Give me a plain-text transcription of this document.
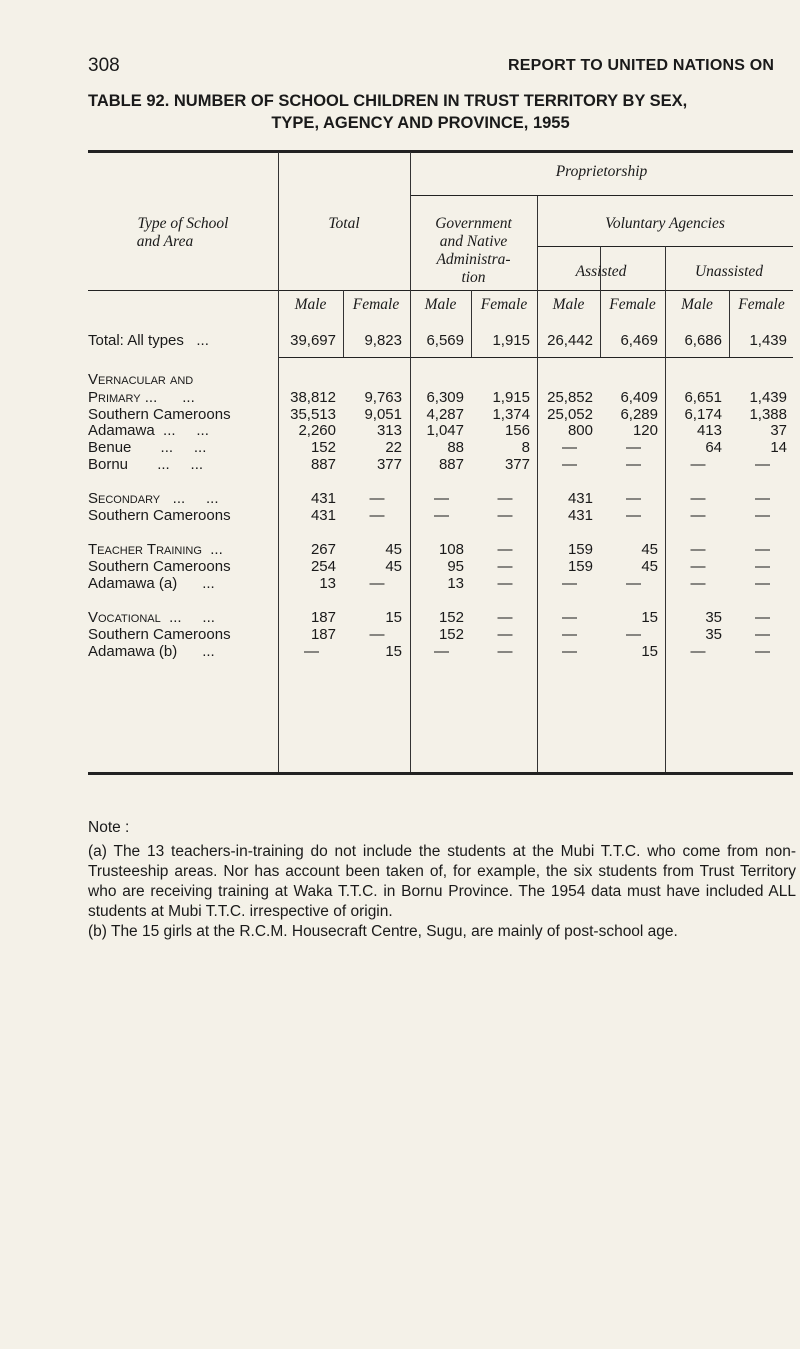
308	REPORT TO UNITED NATIONS ON
TABLE 92. NUMBER OF SCHOOL CHILDREN IN TRUST TERRITORY BY SEX,
TYPE, AGENCY AND PROVINCE, 1955
Proprietorship
Type of School
and Area
Total	Government
and Native
Administra-
tion
Voluntary Agencies
Assisted	Unassisted
Male	Female	Male	Female	Male	Female	Male	Female
Total: All types   ...	39,697	9,823	6,569	1,915	26,442	6,469	6,686	1,439
Vernacular and
Primary ...      ...	38,812	9,763	6,309	1,915	25,852	6,409	6,651	1,439
Southern Cameroons	35,513	9,051	4,287	1,374	25,052	6,289	6,174	1,388
Adamawa  ...     ...	2,260	313	1,047	156	800	120	413	37
Benue       ...     ...	152	22	88	8	—	—	64	14
Bornu       ...     ...	887	377	887	377	—	—	—	—
Secondary   ...     ...	431	—	—	—	431	—	—	—
Southern Cameroons	431	—	—	—	431	—	—	—
Teacher Training  ...	267	45	108	—	159	45	—	—
Southern Cameroons	254	45	95	—	159	45	—	—
Adamawa (a)      ...	13	—	13	—	—	—	—	—
Vocational  ...     ...	187	15	152	—	—	15	35	—
Southern Cameroons	187	—	152	—	—	—	35	—
Adamawa (b)      ...	—	15	—	—	—	15	—	—
Note :
(a) The 13 teachers-in-training do not include the students at the Mubi T.T.C. who come from non-Trusteeship areas. Nor has account been taken of, for example, the six students from Trust Territory who are receiving training at Waka T.T.C. in Bornu Province. The 1954 data must have included ALL students at Mubi T.T.C. irrespective of origin.
(b) The 15 girls at the R.C.M. Housecraft Centre, Sugu, are mainly of post-school age.
